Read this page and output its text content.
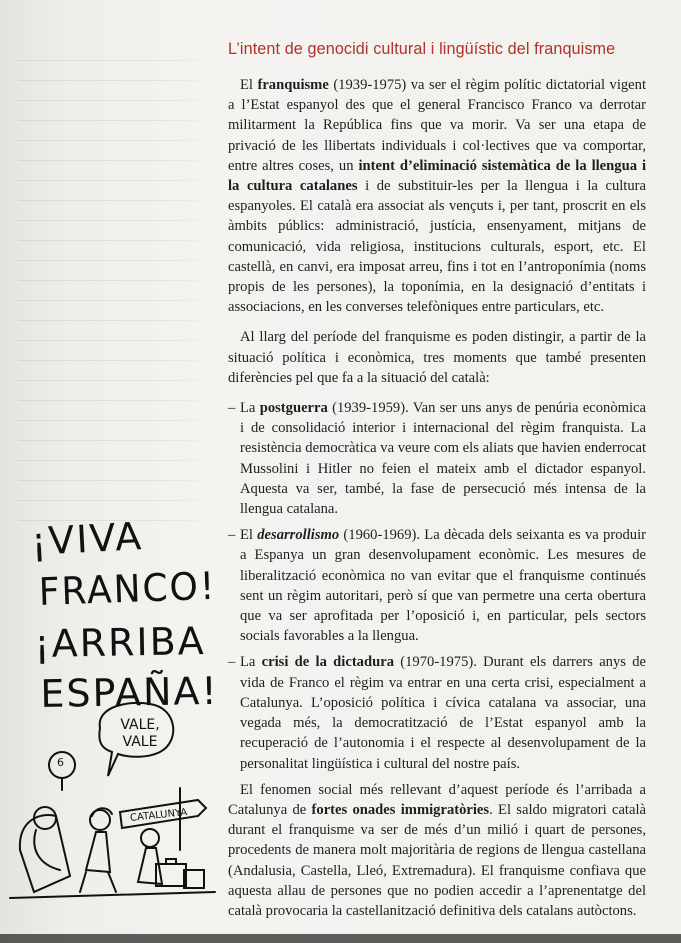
L’intent de genocidi cultural i lingüístic del franquisme

El franquisme (1939-1975) va ser el règim polític dictatorial vigent a l’Estat espanyol des que el general Francisco Franco va derrotar militarment la República fins que va morir. Va ser una etapa de privació de les llibertats individuals i col·lectives que va comportar, entre altres coses, un intent d’eliminació sistemàtica de la llengua i la cultura catalanes i de substituir-les per la llengua i la cultura espanyoles. El català era associat als vençuts i, per tant, proscrit en els àmbits públics: administració, justícia, ensenyament, mitjans de comunicació, vida religiosa, institucions culturals, esport, etc. El castellà, en canvi, era imposat arreu, fins i tot en l’antroponímia (noms propis de les persones), la toponímia, en la designació d’entitats i associacions, en les converses telefòniques entre particulars, etc.

Al llarg del període del franquisme es poden distingir, a partir de la situació política i econòmica, tres moments que també presenten diferències pel que fa a la situació del català:

– La postguerra (1939-1959). Van ser uns anys de penúria econòmica i de consolidació interior i internacional del règim franquista. La resistència democràtica va veure com els aliats que havien enderrocat Mussolini i Hitler no feien el mateix amb el dictador espanyol. Aquesta va ser, també, la fase de persecució més intensa de la llengua catalana.
– El desarrollismo (1960-1969). La dècada dels seixanta es va produir a Espanya un gran desenvolupament econòmic. Les mesures de liberalització econòmica no van evitar que el franquisme continués sent un règim autoritari, però sí que van permetre una certa obertura que va ser aprofitada per l’oposició i, en particular, pels sectors socials favorables a la llengua.
– La crisi de la dictadura (1970-1975). Durant els darrers anys de vida de Franco el règim va entrar en una certa crisi, especialment a Catalunya. L’oposició política i cívica catalana va associar, una vegada més, la democratització de l’Estat espanyol amb la recuperació de l’autonomia i el respecte al desenvolupament de la personalitat lingüística i cultural del nostre país.

El fenomen social més rellevant d’aquest període és l’arribada a Catalunya de fortes onades immigratòries. El saldo migratori català durant el franquisme va ser de més d’un milió i quart de persones, procedents de manera molt majoritària de regions de llengua castellana (Andalusia, Castella, Lleó, Extremadura). El franquisme confiava que aquesta allau de persones que no podien accedir a l’aprenentatge del català provocaria la castellanització definitiva dels catalans autòctons.

¡VIVA
FRANCO!
¡ARRIBA
ESPAÑA!
VALE, VALE
CATALUNYA
6
